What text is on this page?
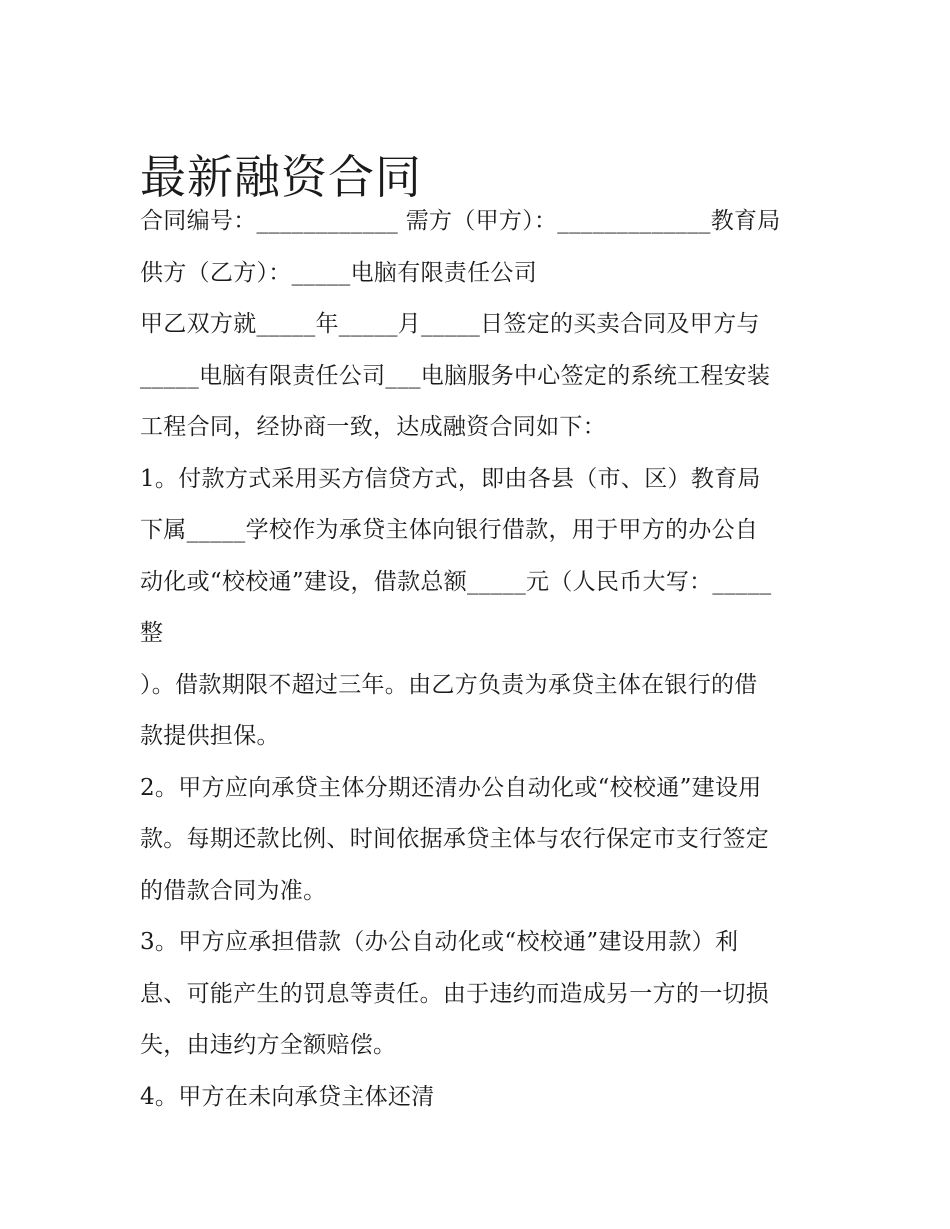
最新融资合同
合同编号：____________ 需方（甲方）：_____________教育局
供方（乙方）：_____电脑有限责任公司
甲乙双方就_____年_____月_____日签定的买卖合同及甲方与
_____电脑有限责任公司___电脑服务中心签定的系统工程安装
工程合同，经协商一致，达成融资合同如下：
1。付款方式采用买方信贷方式，即由各县（市、区）教育局
下属_____学校作为承贷主体向银行借款，用于甲方的办公自
动化或“校校通”建设，借款总额_____元（人民币大写：_____
整
）。借款期限不超过三年。由乙方负责为承贷主体在银行的借
款提供担保。
2。甲方应向承贷主体分期还清办公自动化或“校校通”建设用
款。每期还款比例、时间依据承贷主体与农行保定市支行签定
的借款合同为准。
3。甲方应承担借款（办公自动化或“校校通”建设用款）利
息、可能产生的罚息等责任。由于违约而造成另一方的一切损
失，由违约方全额赔偿。
4。甲方在未向承贷主体还清
